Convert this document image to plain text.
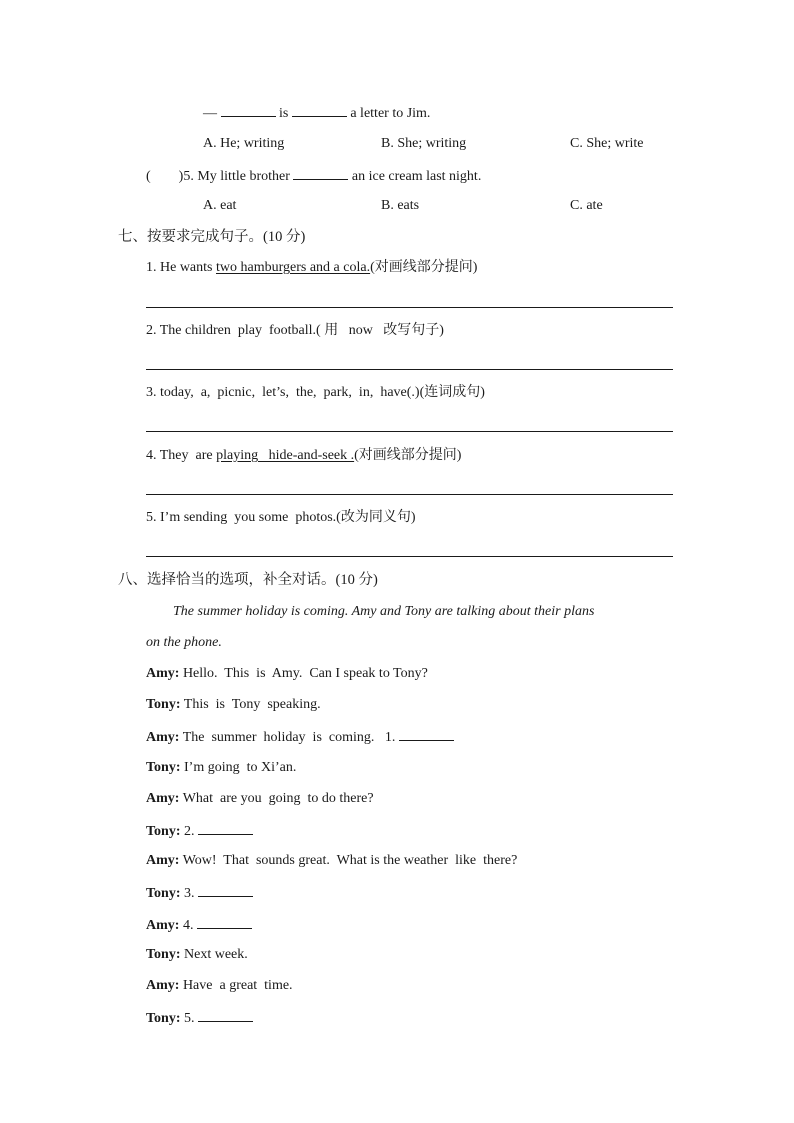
—	is	a letter to Jim.
A. He; writing	B. She; writing	C. She; write
(        )5. My little brother	an ice cream last night.
A. eat	B. eats	C. ate
七、按要求完成句子。(10 分)
1. He wants two hamburgers and a cola.(对画线部分提问)
2. The children  play  football.( 用   now   改写句子)
3. today,  a,  picnic,  let’s,  the,  park,  in,  have(.)(连词成句)
4. They  are playing   hide-and-seek .(对画线部分提问)
5. I’m sending  you some  photos.(改为同义句)
八、选择恰当的选项，补全对话。(10 分)
The summer holiday is coming. Amy and Tony are talking about their plans
on the phone.
Amy: Hello.  This  is  Amy.  Can I speak to Tony?
Tony: This  is  Tony  speaking.
Amy: The  summer  holiday  is  coming.   1.
Tony: I’m going  to Xi’an.
Amy: What  are you  going  to do there?
Tony: 2.
Amy: Wow!  That  sounds great.  What is the weather  like  there?
Tony: 3.
Amy: 4.
Tony: Next week.
Amy: Have  a great  time.
Tony: 5.
